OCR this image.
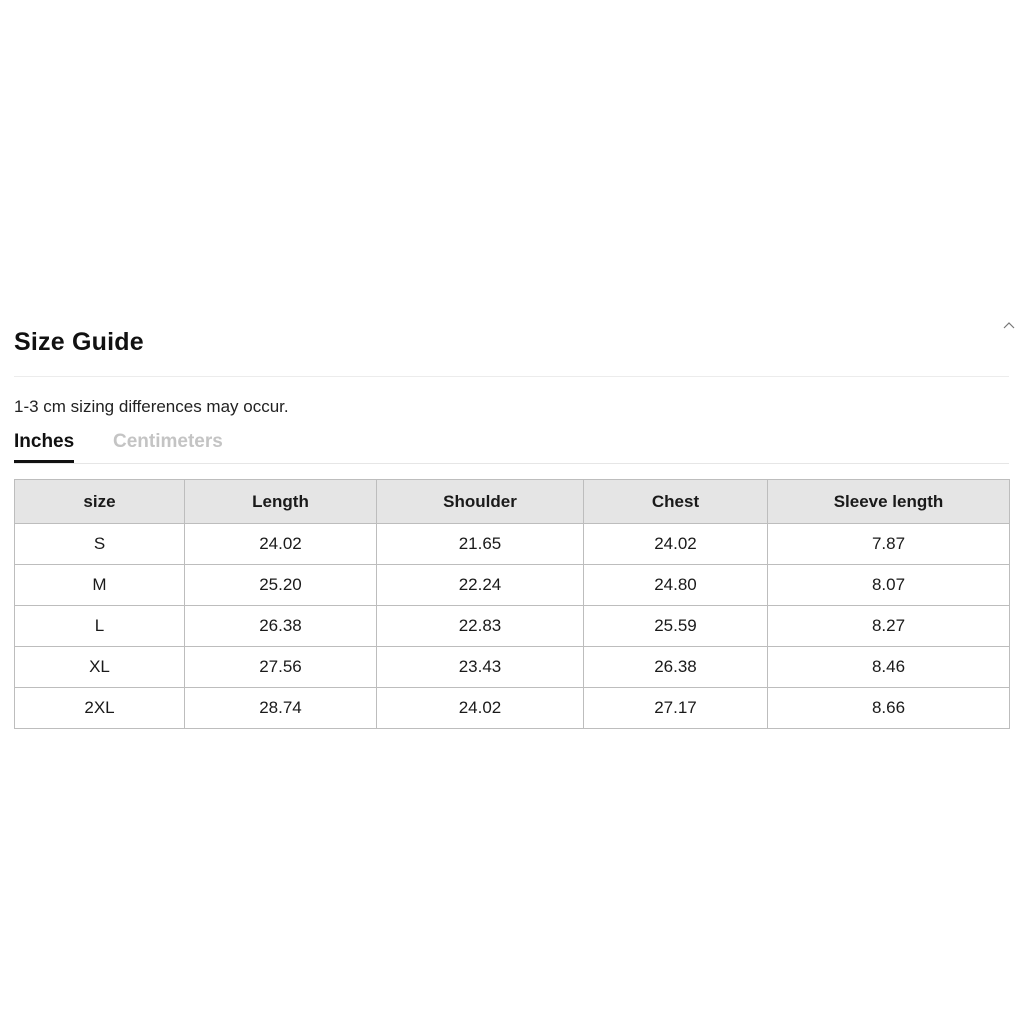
Size Guide
1-3 cm sizing differences may occur.
Inches Centimeters
size	Length	Shoulder	Chest	Sleeve length
S	24.02	21.65	24.02	7.87
M	25.20	22.24	24.80	8.07
L	26.38	22.83	25.59	8.27
XL	27.56	23.43	26.38	8.46
2XL	28.74	24.02	27.17	8.66
